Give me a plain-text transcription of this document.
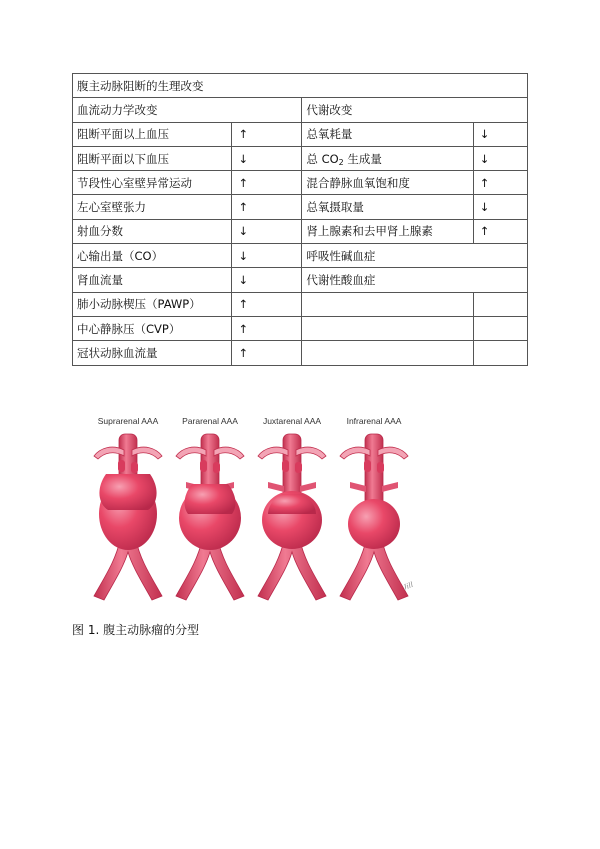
腹主动脉阻断的生理改变			
血流动力学改变		代谢改变	
阻断平面以上血压	↑	总氧耗量	↓
阻断平面以下血压	↓	总 $CO_2$ 生成量	↓
节段性心室壁异常运动	↑	混合静脉血氧饱和度	↑
左心室壁张力	↑	总氧摄取量	↓
射血分数	↓	肾上腺素和去甲肾上腺素	↑
心输出量（CO）	↓	呼吸性碱血症	
肾血流量	↓	代谢性酸血症	
肺小动脉楔压（PAWP）	↑		
中心静脉压（CVP）	↑		
冠状动脉血流量	↑		
Suprarenal AAA	Pararenal AAA	Juxtarenal AAA	Infrarenal AAA
Jill
图 1. 腹主动脉瘤的分型
